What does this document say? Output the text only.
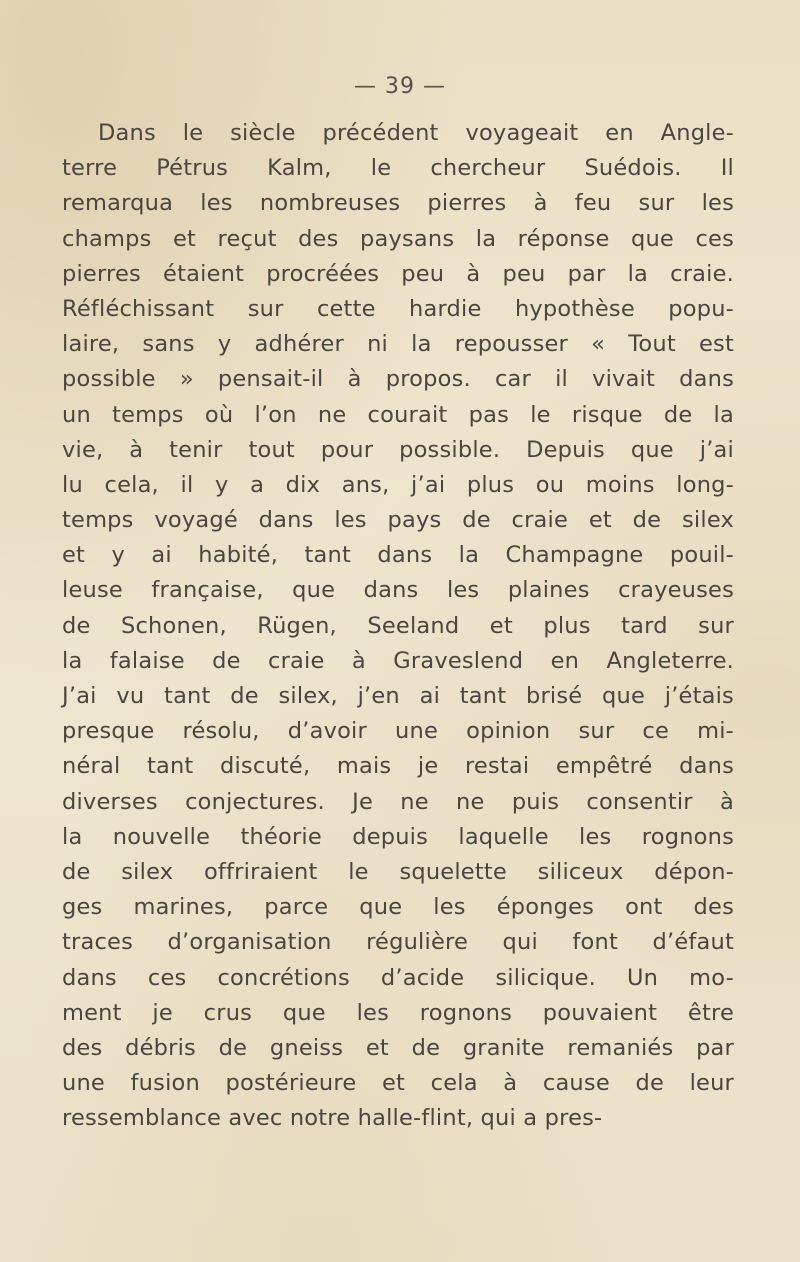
— 39 —

Dans le siècle précédent voyageait en Angle-

terre Pétrus Kalm, le chercheur Suédois. Il

remarqua les nombreuses pierres à feu sur les

champs et reçut des paysans la réponse que ces

pierres étaient procréées peu à peu par la craie.

Réfléchissant sur cette hardie hypothèse popu-

laire, sans y adhérer ni la repousser « Tout est

possible » pensait-il à propos. car il vivait dans

un temps où l’on ne courait pas le risque de la

vie, à tenir tout pour possible. Depuis que j’ai

lu cela, il y a dix ans, j’ai plus ou moins long-

temps voyagé dans les pays de craie et de silex

et y ai habité, tant dans la Champagne pouil-

leuse française, que dans les plaines crayeuses

de Schonen, Rügen, Seeland et plus tard sur

la falaise de craie à Graveslend en Angleterre.

J’ai vu tant de silex, j’en ai tant brisé que j’étais

presque résolu, d’avoir une opinion sur ce mi-

néral tant discuté, mais je restai empêtré dans

diverses conjectures. Je ne ne puis consentir à

la nouvelle théorie depuis laquelle les rognons

de silex offriraient le squelette siliceux dépon-

ges marines, parce que les éponges ont des

traces d’organisation régulière qui font d’éfaut

dans ces concrétions d’acide silicique. Un mo-

ment je crus que les rognons pouvaient être

des débris de gneiss et de granite remaniés par

une fusion postérieure et cela à cause de leur

ressemblance avec notre halle-flint, qui a pres-
